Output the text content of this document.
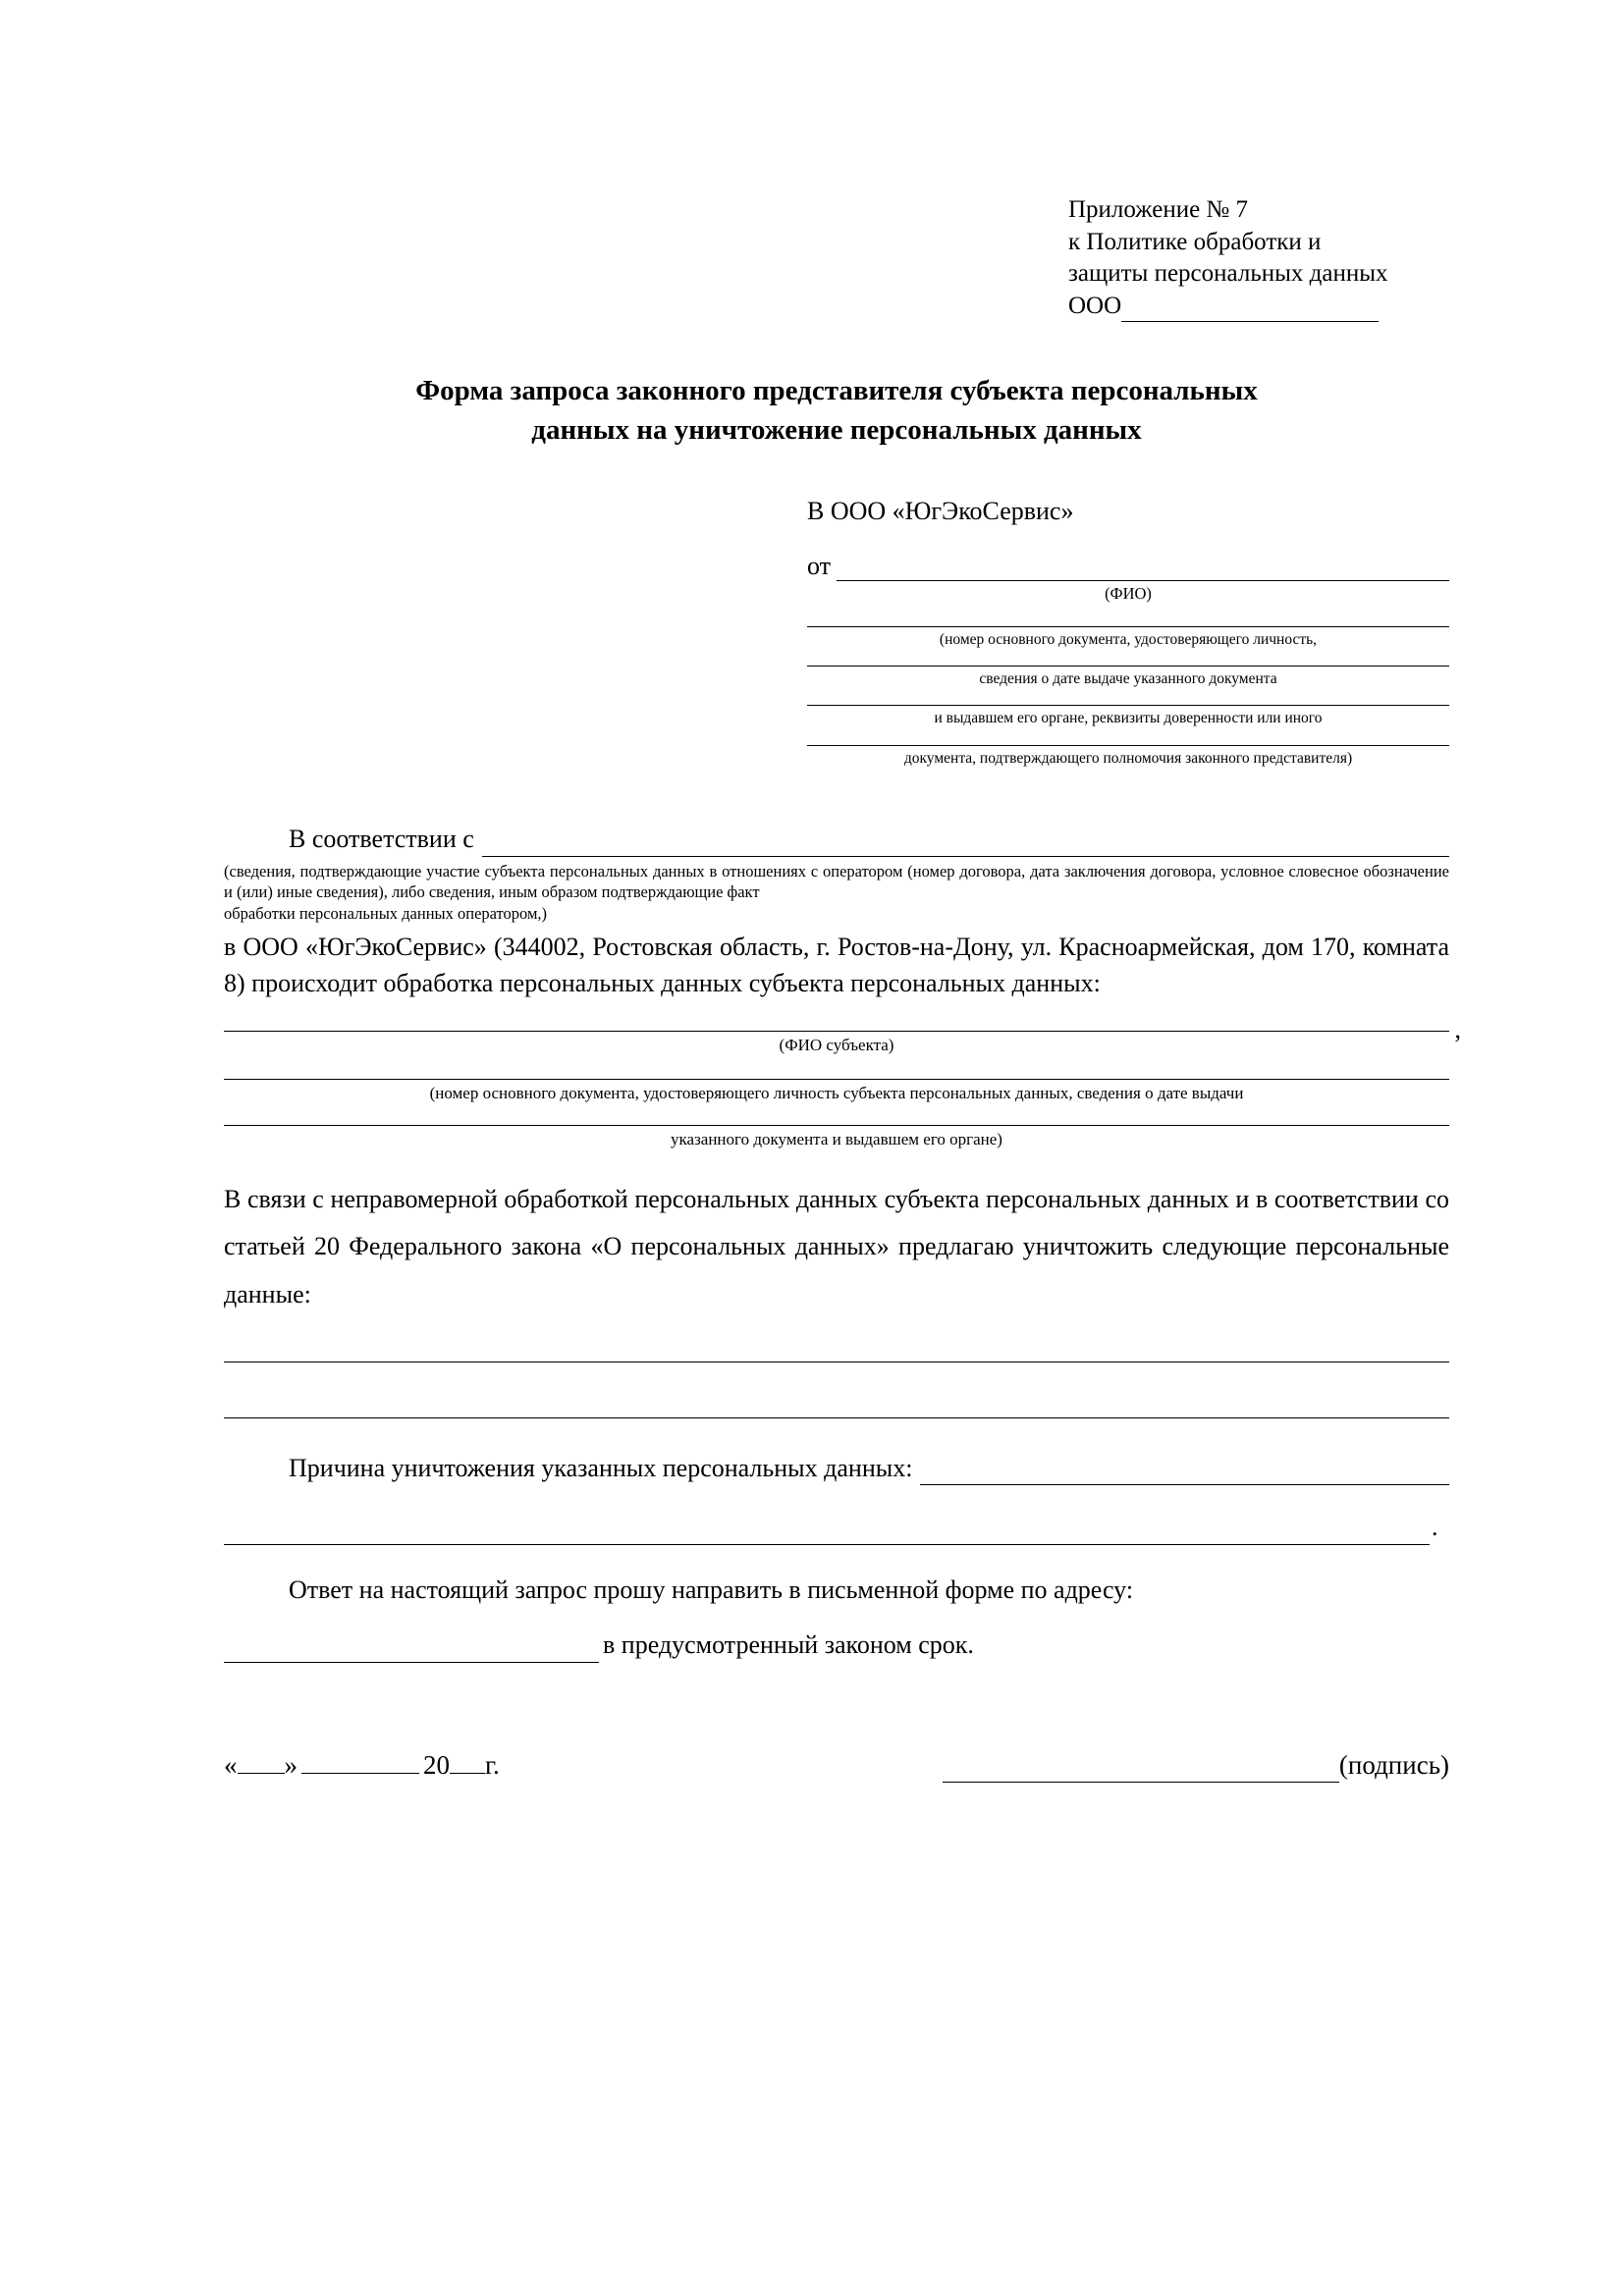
Приложение № 7
к Политике обработки и
защиты персональных данных
ООО
Форма запроса законного представителя субъекта персональных
данных на уничтожение персональных данных
В ООО «ЮгЭкоСервис»
от
(ФИО)
(номер основного документа, удостоверяющего личность,
сведения о дате выдаче указанного документа
и выдавшем его органе, реквизиты доверенности или иного
документа, подтверждающего полномочия законного представителя)
В соответствии с
(сведения, подтверждающие участие субъекта персональных данных в отношениях с оператором (номер договора, дата заключения договора, условное словесное обозначение и (или) иные сведения), либо сведения, иным образом подтверждающие факт
обработки персональных данных оператором,)
в ООО «ЮгЭкоСервис» (344002, Ростовская область, г. Ростов-на-Дону, ул. Красноармейская, дом 170, комната 8) происходит обработка персональных данных субъекта персональных данных:
,
(ФИО субъекта)
(номер основного документа, удостоверяющего личность субъекта персональных данных, сведения о дате выдачи
указанного документа и выдавшем его органе)
В связи с неправомерной обработкой персональных данных субъекта персональных данных и в соответствии со статьей 20 Федерального закона «О персональных данных» предлагаю уничтожить следующие персональные данные:
Причина уничтожения указанных персональных данных:
.
Ответ на настоящий запрос прошу направить в письменной форме по адресу:
в предусмотренный законом срок.
« »	20 г.	(подпись)
